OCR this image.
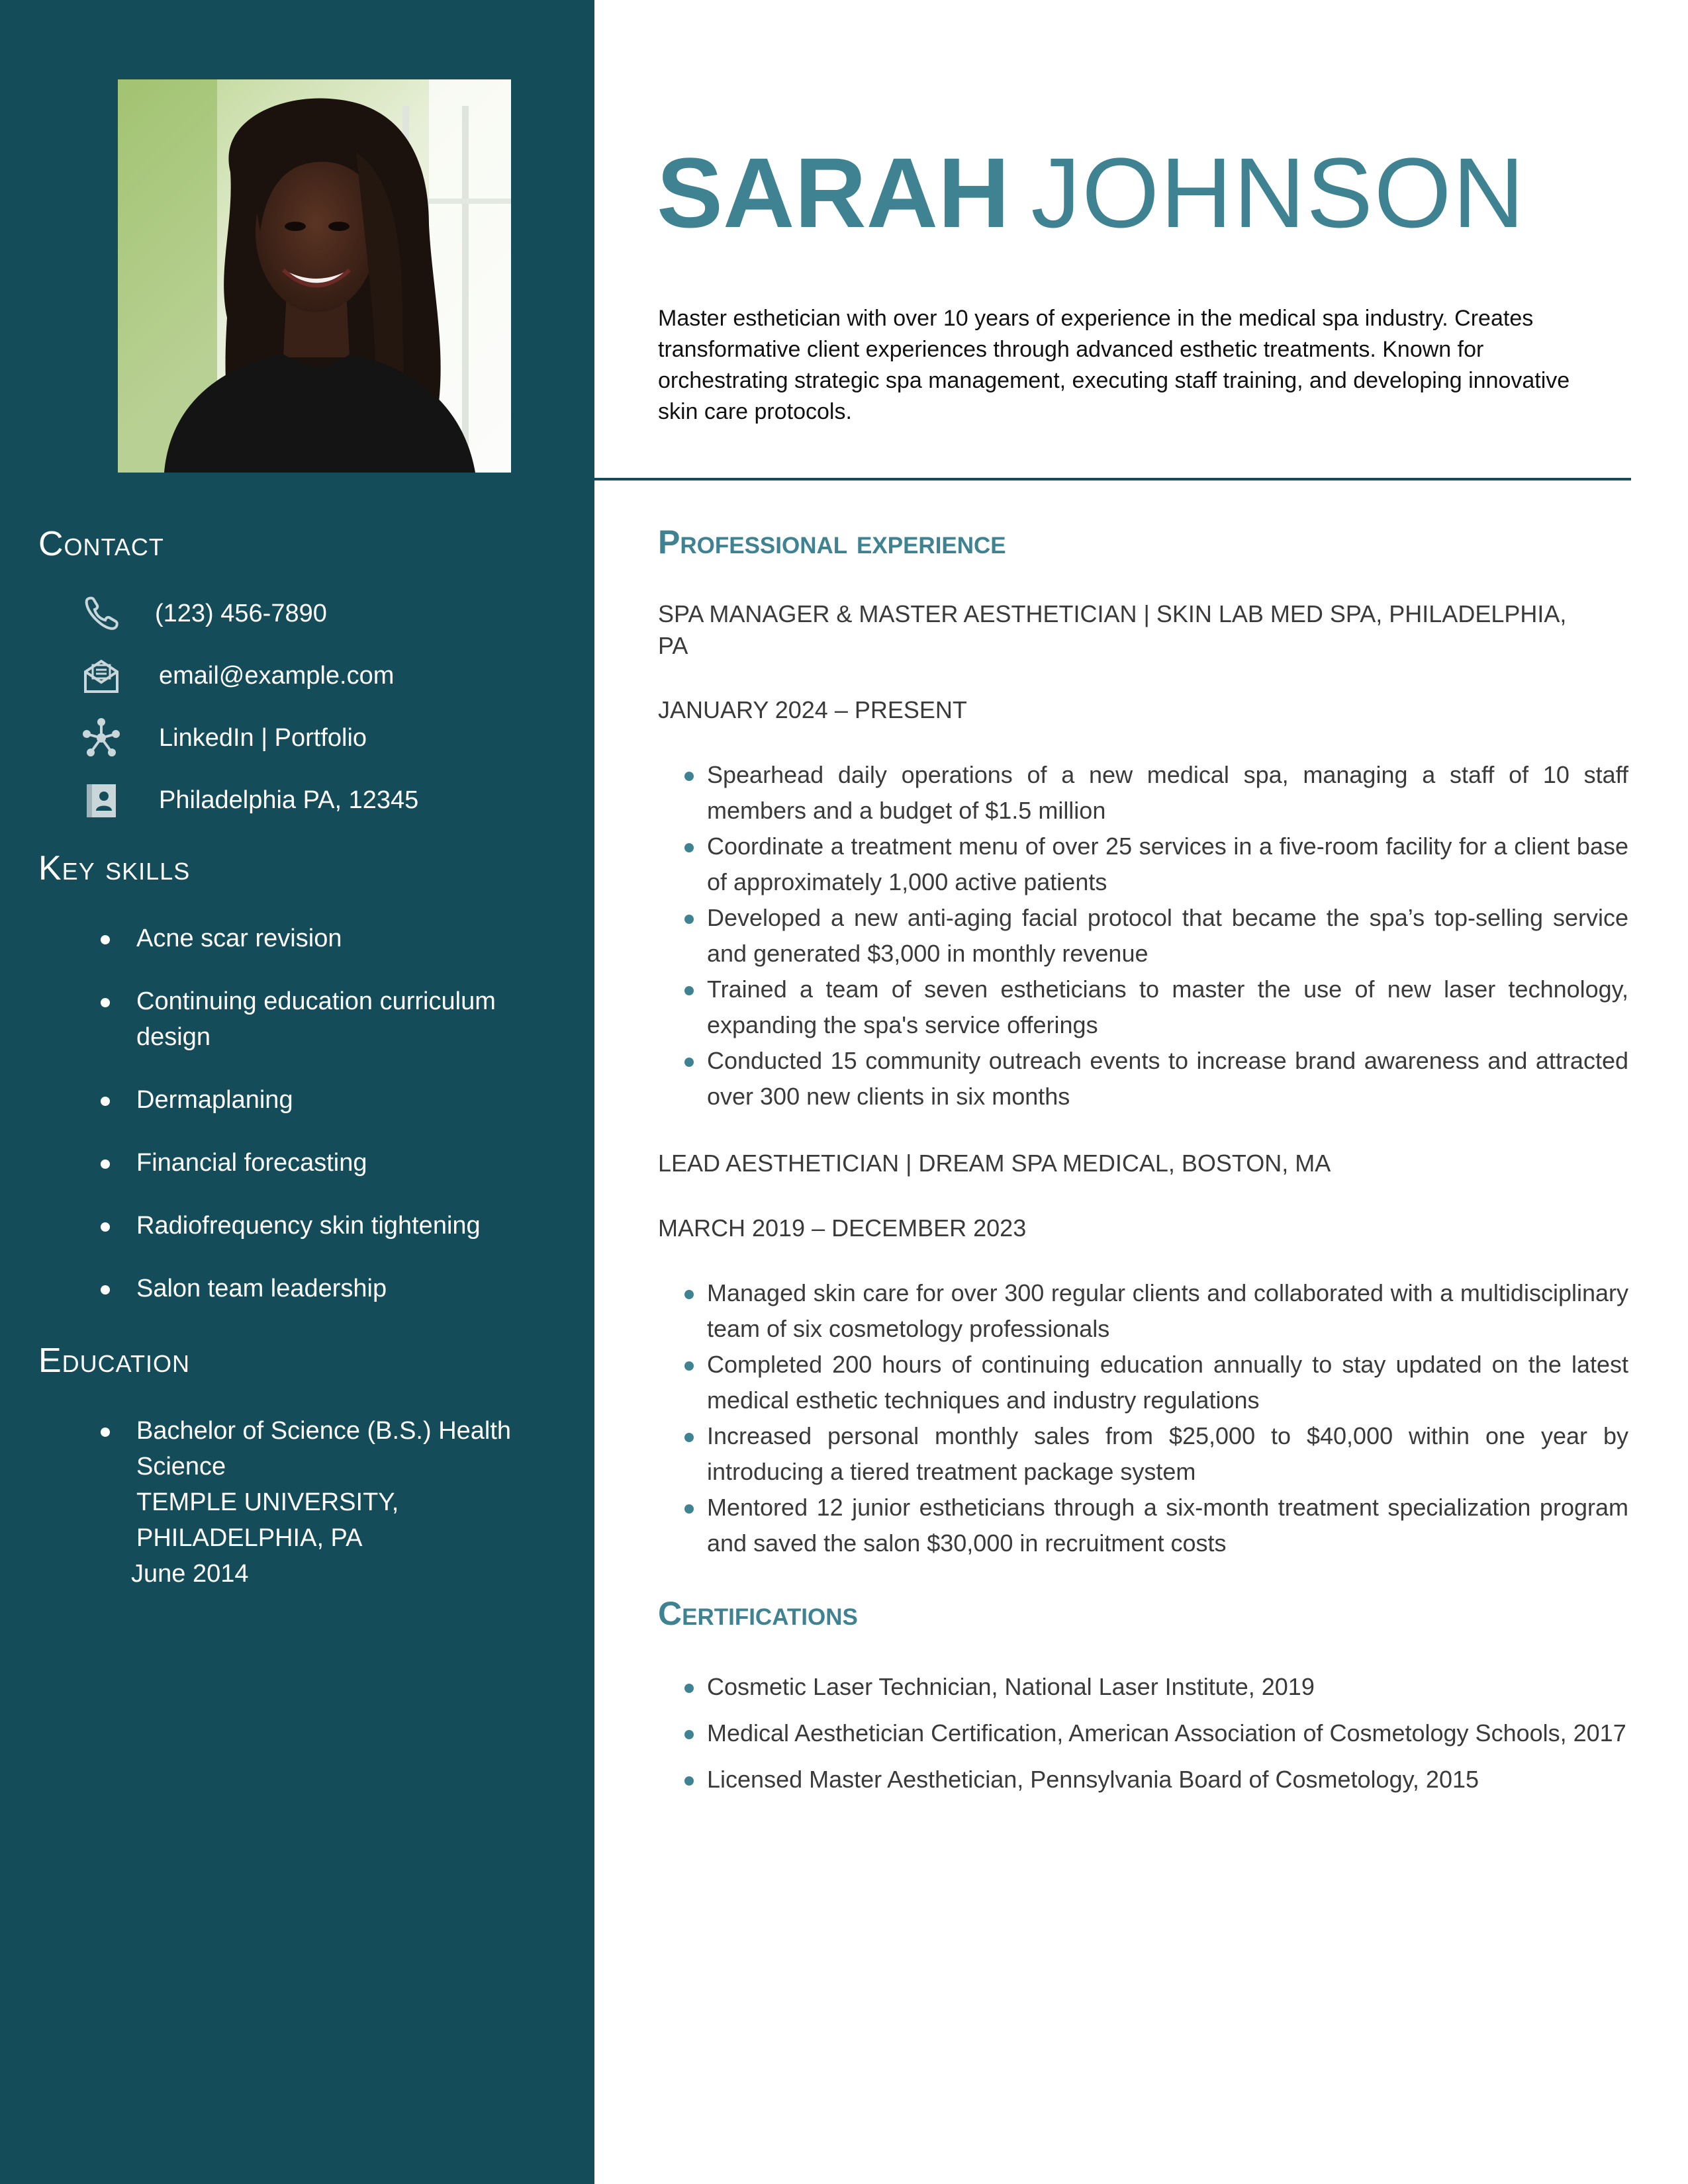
Contact
(123) 456-7890
email@example.com
LinkedIn | Portfolio
Philadelphia PA, 12345
Key skills
Acne scar revision
Continuing education curriculum design
Dermaplaning
Financial forecasting
Radiofrequency skin tightening
Salon team leadership
Education
Bachelor of Science (B.S.) Health Science
TEMPLE UNIVERSITY, PHILADELPHIA, PA
June 2014
SARAH JOHNSON

Master esthetician with over 10 years of experience in the medical spa industry. Creates transformative client experiences through advanced esthetic treatments. Known for orchestrating strategic spa management, executing staff training, and developing innovative skin care protocols.

Professional experience
SPA MANAGER & MASTER AESTHETICIAN | SKIN LAB MED SPA, PHILADELPHIA, PA
JANUARY 2024 – PRESENT
Spearhead daily operations of a new medical spa, managing a staff of 10 staff members and a budget of $1.5 million
Coordinate a treatment menu of over 25 services in a five-room facility for a client base of approximately 1,000 active patients
Developed a new anti-aging facial protocol that became the spa’s top-selling service and generated $3,000 in monthly revenue
Trained a team of seven estheticians to master the use of new laser technology, expanding the spa's service offerings
Conducted 15 community outreach events to increase brand awareness and attracted over 300 new clients in six months
LEAD AESTHETICIAN | DREAM SPA MEDICAL, BOSTON, MA
MARCH 2019 – DECEMBER 2023
Managed skin care for over 300 regular clients and collaborated with a multidisciplinary team of six cosmetology professionals
Completed 200 hours of continuing education annually to stay updated on the latest medical esthetic techniques and industry regulations
Increased personal monthly sales from $25,000 to $40,000 within one year by introducing a tiered treatment package system
Mentored 12 junior estheticians through a six-month treatment specialization program and saved the salon $30,000 in recruitment costs
Certifications
Cosmetic Laser Technician, National Laser Institute, 2019
Medical Aesthetician Certification, American Association of Cosmetology Schools, 2017
Licensed Master Aesthetician, Pennsylvania Board of Cosmetology, 2015
